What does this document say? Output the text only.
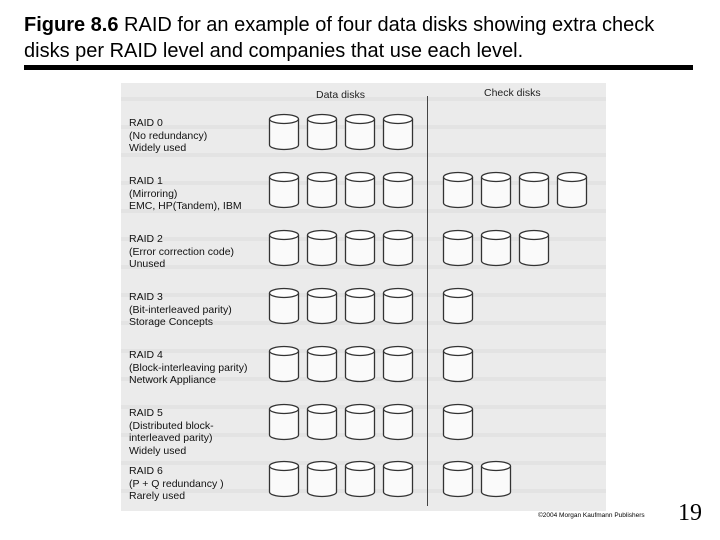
Figure 8.6 RAID for an example of four data disks showing extra check disks per RAID level and companies that use each level.
Data disks	Check disks
RAID 0
(No redundancy)
Widely used
RAID 1
(Mirroring)
EMC, HP(Tandem), IBM
RAID 2
(Error correction code)
Unused
RAID 3
(Bit-interleaved parity)
Storage Concepts
RAID 4
(Block-interleaving parity)
Network Appliance
RAID 5
(Distributed block-
interleaved parity)
Widely used
RAID 6
(P + Q redundancy )
Rarely used
©2004 Morgan Kaufmann Publishers 19
